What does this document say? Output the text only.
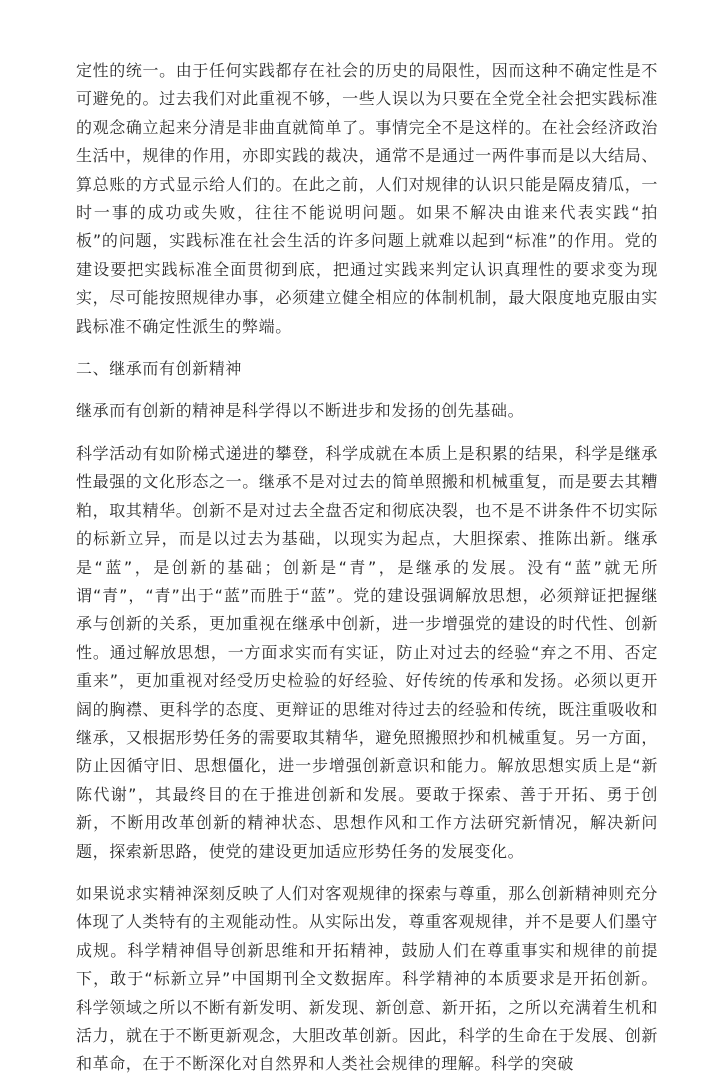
定性的统一。由于任何实践都存在社会的历史的局限性，因而这种不确定性是不可避免的。过去我们对此重视不够，一些人误以为只要在全党全社会把实践标准的观念确立起来分清是非曲直就简单了。事情完全不是这样的。在社会经济政治生活中，规律的作用，亦即实践的裁决，通常不是通过一两件事而是以大结局、算总账的方式显示给人们的。在此之前，人们对规律的认识只能是隔皮猜瓜，一时一事的成功或失败，往往不能说明问题。如果不解决由谁来代表实践“拍板”的问题，实践标准在社会生活的许多问题上就难以起到“标准”的作用。党的建设要把实践标准全面贯彻到底，把通过实践来判定认识真理性的要求变为现实，尽可能按照规律办事，必须建立健全相应的体制机制，最大限度地克服由实践标准不确定性派生的弊端。

二、继承而有创新精神

继承而有创新的精神是科学得以不断进步和发扬的创先基础。

科学活动有如阶梯式递进的攀登，科学成就在本质上是积累的结果，科学是继承性最强的文化形态之一。继承不是对过去的简单照搬和机械重复，而是要去其糟粕，取其精华。创新不是对过去全盘否定和彻底决裂，也不是不讲条件不切实际的标新立异，而是以过去为基础，以现实为起点，大胆探索、推陈出新。继承是“蓝”，是创新的基础；创新是“青”，是继承的发展。没有“蓝”就无所谓“青”，“青”出于“蓝”而胜于“蓝”。党的建设强调解放思想，必须辩证把握继承与创新的关系，更加重视在继承中创新，进一步增强党的建设的时代性、创新性。通过解放思想，一方面求实而有实证，防止对过去的经验“弃之不用、否定重来”，更加重视对经受历史检验的好经验、好传统的传承和发扬。必须以更开阔的胸襟、更科学的态度、更辩证的思维对待过去的经验和传统，既注重吸收和继承，又根据形势任务的需要取其精华，避免照搬照抄和机械重复。另一方面，防止因循守旧、思想僵化，进一步增强创新意识和能力。解放思想实质上是“新陈代谢”，其最终目的在于推进创新和发展。要敢于探索、善于开拓、勇于创新，不断用改革创新的精神状态、思想作风和工作方法研究新情况，解决新问题，探索新思路，使党的建设更加适应形势任务的发展变化。

如果说求实精神深刻反映了人们对客观规律的探索与尊重，那么创新精神则充分体现了人类特有的主观能动性。从实际出发，尊重客观规律，并不是要人们墨守成规。科学精神倡导创新思维和开拓精神，鼓励人们在尊重事实和规律的前提下，敢于“标新立异”中国期刊全文数据库。科学精神的本质要求是开拓创新。科学领域之所以不断有新发明、新发现、新创意、新开拓，之所以充满着生机和活力，就在于不断更新观念，大胆改革创新。因此，科学的生命在于发展、创新和革命，在于不断深化对自然界和人类社会规律的理解。科学的突破
